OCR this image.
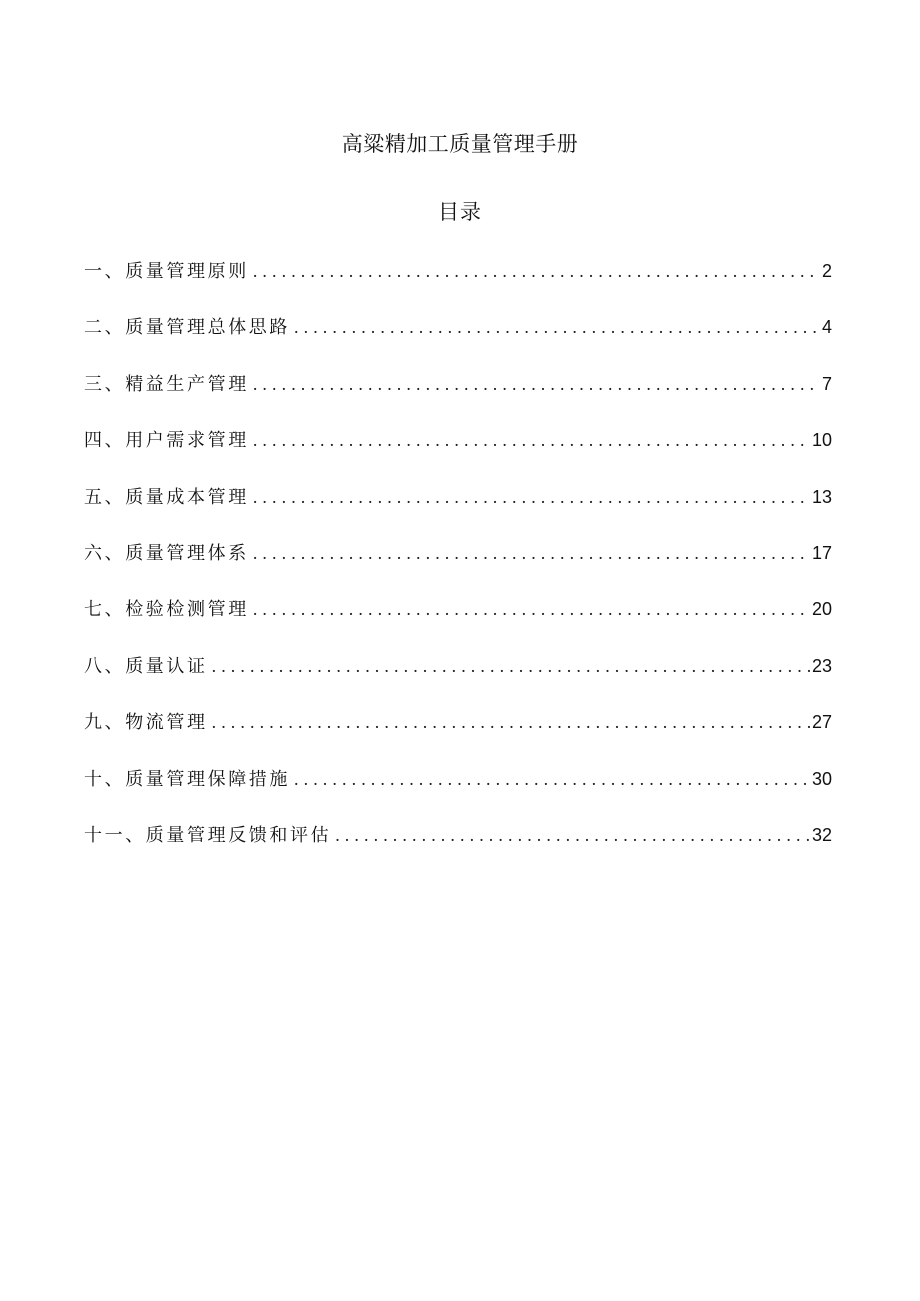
高粱精加工质量管理手册
目录
一、质量管理原则 . . .	2
二、质量管理总体思路 . . .	4
三、精益生产管理 . . .	7
四、用户需求管理 . . .	10
五、质量成本管理 . . .	13
六、质量管理体系 . . .	17
七、检验检测管理 . . .	20
八、质量认证 . . .	23
九、物流管理 . . .	27
十、质量管理保障措施 . . .	30
十一、质量管理反馈和评估 . . .	32
